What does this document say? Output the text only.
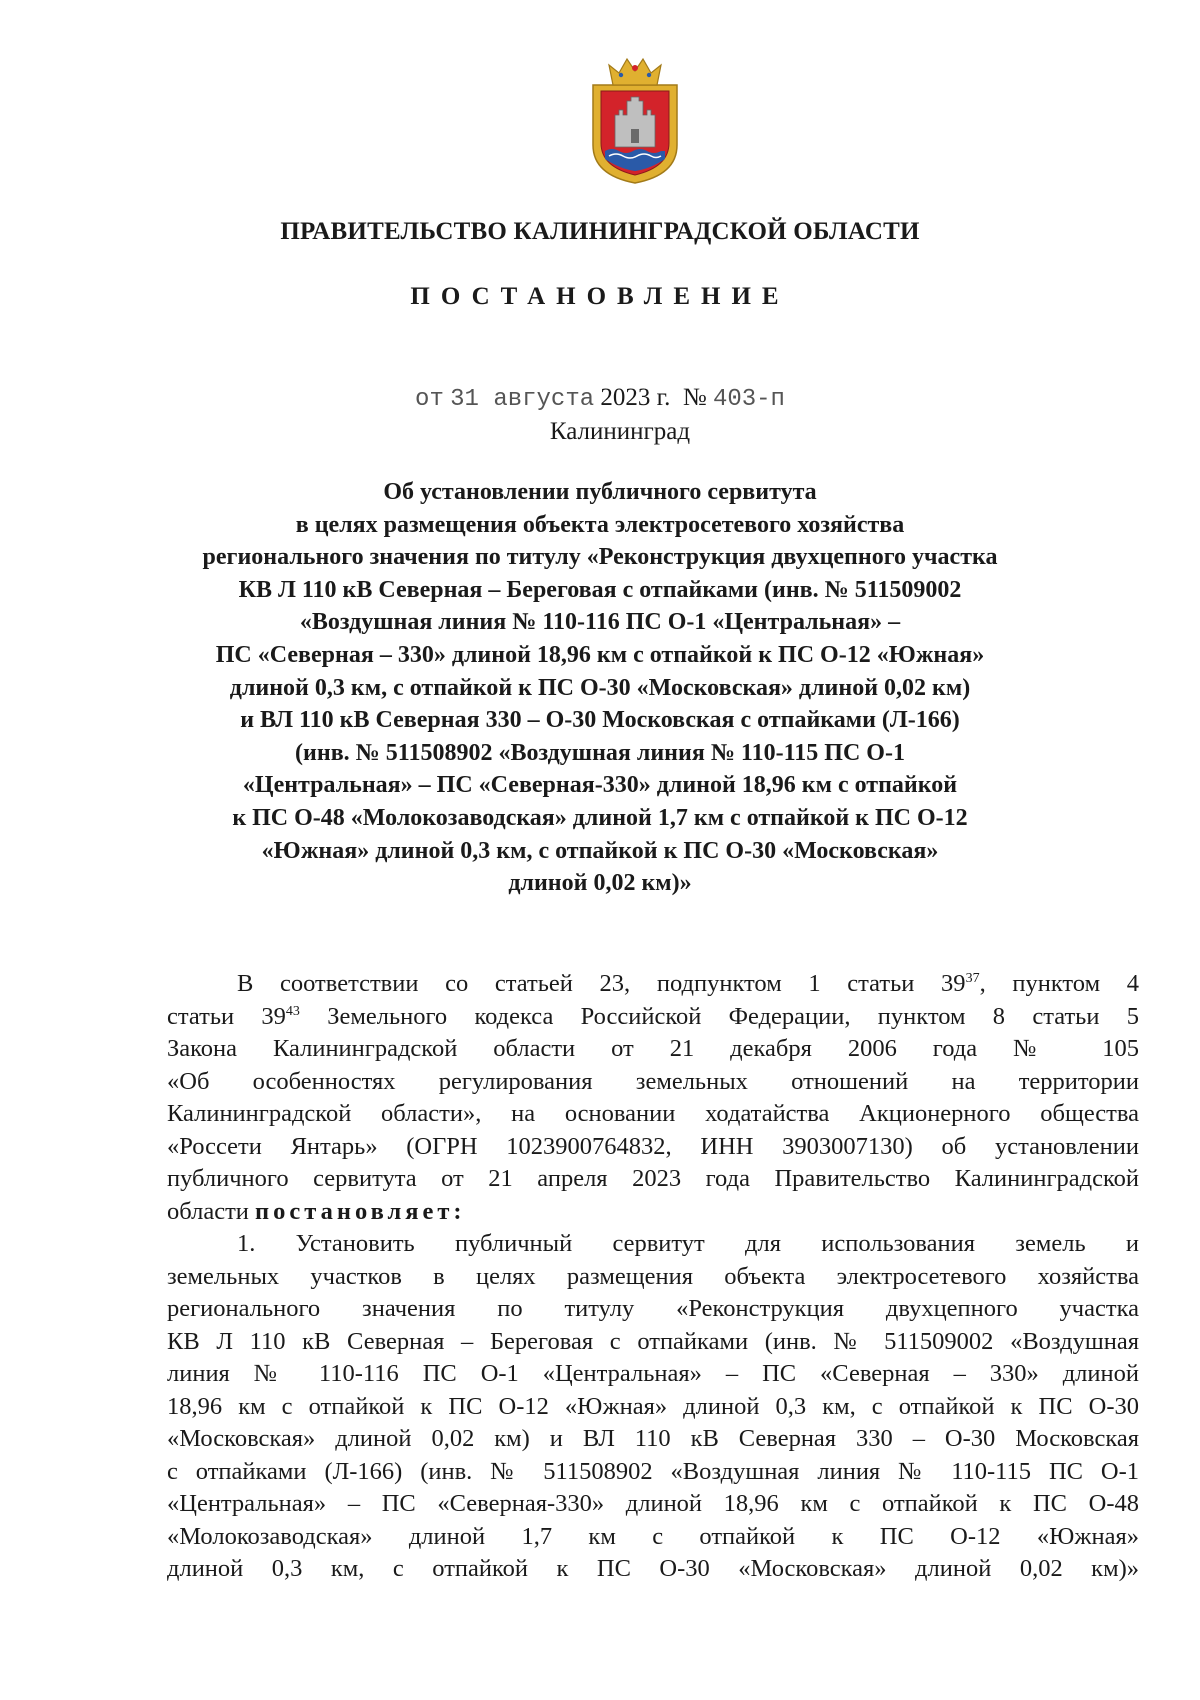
ПРАВИТЕЛЬСТВО КАЛИНИНГРАДСКОЙ ОБЛАСТИ
ПОСТАНОВЛЕНИЕ
от 31 августа 2023 г. № 403-п
Калининград
Об установлении публичного сервитута
в целях размещения объекта электросетевого хозяйства
регионального значения по титулу «Реконструкция двухцепного участка
КВ Л 110 кВ Северная – Береговая с отпайками (инв. № 511509002
«Воздушная линия № 110-116 ПС О-1 «Центральная» –
ПС «Северная – 330» длиной 18,96 км с отпайкой к ПС О-12 «Южная»
длиной 0,3 км, с отпайкой к ПС О-30 «Московская» длиной 0,02 км)
и ВЛ 110 кВ Северная 330 – О-30 Московская с отпайками (Л-166)
(инв. № 511508902 «Воздушная линия № 110-115 ПС О-1
«Центральная» – ПС «Северная-330» длиной 18,96 км с отпайкой
к ПС О-48 «Молокозаводская» длиной 1,7 км с отпайкой к ПС О-12
«Южная» длиной 0,3 км, с отпайкой к ПС О-30 «Московская»
длиной 0,02 км)»
В соответствии со статьей 23, подпунктом 1 статьи $39^{37}$, пунктом 4
статьи $39^{43}$ Земельного кодекса Российской Федерации, пунктом 8 статьи 5
Закона Калининградской области от 21 декабря 2006 года № 105
«Об особенностях регулирования земельных отношений на территории
Калининградской области», на основании ходатайства Акционерного общества
«Россети Янтарь» (ОГРН 1023900764832, ИНН 3903007130) об установлении
публичного сервитута от 21 апреля 2023 года Правительство Калининградской
области постановляет:
1. Установить публичный сервитут для использования земель и
земельных участков в целях размещения объекта электросетевого хозяйства
регионального значения по титулу «Реконструкция двухцепного участка
КВ Л 110 кВ Северная – Береговая с отпайками (инв. № 511509002 «Воздушная
линия № 110-116 ПС О-1 «Центральная» – ПС «Северная – 330» длиной
18,96 км с отпайкой к ПС О-12 «Южная» длиной 0,3 км, с отпайкой к ПС О-30
«Московская» длиной 0,02 км) и ВЛ 110 кВ Северная 330 – О-30 Московская
с отпайками (Л-166) (инв. № 511508902 «Воздушная линия № 110-115 ПС О-1
«Центральная» – ПС «Северная-330» длиной 18,96 км с отпайкой к ПС О-48
«Молокозаводская» длиной 1,7 км с отпайкой к ПС О-12 «Южная»
длиной 0,3 км, с отпайкой к ПС О-30 «Московская» длиной 0,02 км)»
